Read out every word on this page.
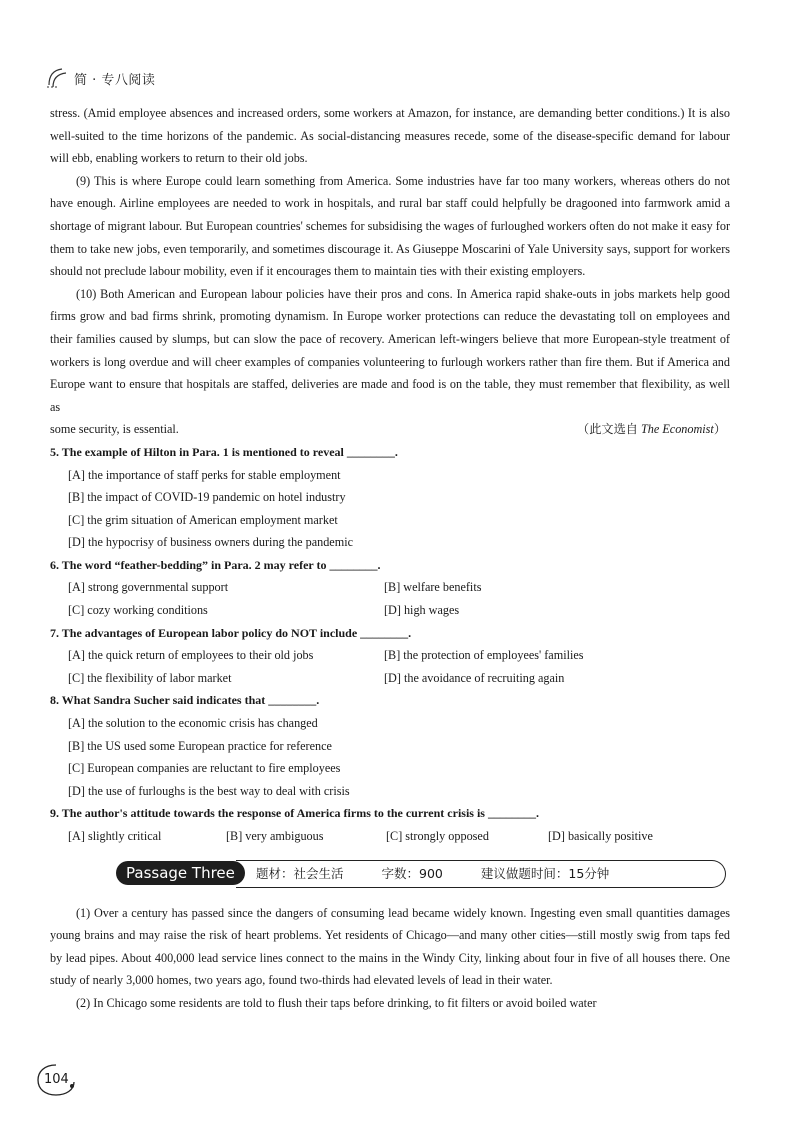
简 · 专八阅读

stress. (Amid employee absences and increased orders, some workers at Amazon, for instance, are demanding better conditions.) It is also well-suited to the time horizons of the pandemic. As social-distancing measures recede, some of the disease-specific demand for labour will ebb, enabling workers to return to their old jobs.

(9) This is where Europe could learn something from America. Some industries have far too many workers, whereas others do not have enough. Airline employees are needed to work in hospitals, and rural bar staff could helpfully be dragooned into farmwork amid a shortage of migrant labour. But European countries' schemes for subsidising the wages of furloughed workers often do not make it easy for them to take new jobs, even temporarily, and sometimes discourage it. As Giuseppe Moscarini of Yale University says, support for workers should not preclude labour mobility, even if it encourages them to maintain ties with their existing employers.

(10) Both American and European labour policies have their pros and cons. In America rapid shake-outs in jobs markets help good firms grow and bad firms shrink, promoting dynamism. In Europe worker protections can reduce the devastating toll on employees and their families caused by slumps, but can slow the pace of recovery. American left-wingers believe that more European-style treatment of workers is long overdue and will cheer examples of companies volunteering to furlough workers rather than fire them. But if America and Europe want to ensure that hospitals are staffed, deliveries are made and food is on the table, they must remember that flexibility, as well as

some security, is essential.	（此文选自 The Economist）

5. The example of Hilton in Para. 1 is mentioned to reveal ________.

[A] the importance of staff perks for stable employment
[B] the impact of COVID-19 pandemic on hotel industry
[C] the grim situation of American employment market
[D] the hypocrisy of business owners during the pandemic

6. The word “feather-bedding” in Para. 2 may refer to ________.

[A] strong governmental support	[B] welfare benefits
[C] cozy working conditions	[D] high wages

7. The advantages of European labor policy do NOT include ________.

[A] the quick return of employees to their old jobs	[B] the protection of employees' families
[C] the flexibility of labor market	[D] the avoidance of recruiting again

8. What Sandra Sucher said indicates that ________.

[A] the solution to the economic crisis has changed
[B] the US used some European practice for reference
[C] European companies are reluctant to fire employees
[D] the use of furloughs is the best way to deal with crisis

9. The author's attitude towards the response of America firms to the current crisis is ________.

[A] slightly critical	[B] very ambiguous	[C] strongly opposed	[D] basically positive
Passage Three	题材：社会生活	字数：900	建议做题时间：15分钟

(1) Over a century has passed since the dangers of consuming lead became widely known. Ingesting even small quantities damages young brains and may raise the risk of heart problems. Yet residents of Chicago—and many other cities—still mostly swig from taps fed by lead pipes. About 400,000 lead service lines connect to the mains in the Windy City, linking about four in five of all houses there. One study of nearly 3,000 homes, two years ago, found two-thirds had elevated levels of lead in their water.

(2) In Chicago some residents are told to flush their taps before drinking, to fit filters or avoid boiled water

104
